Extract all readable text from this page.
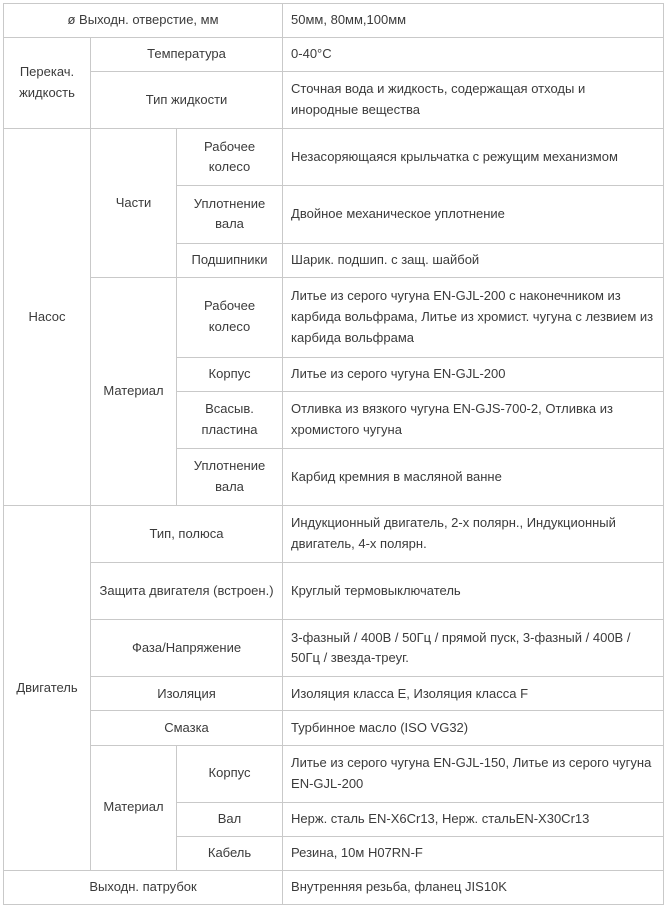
ø Выходн. отверстие, мм			50мм, 80мм,100мм
Перекач. жидкость	Температура		0-40°C
	Тип жидкости		Сточная вода и жидкость, содержащая отходы и инородные вещества
Насос	Части	Рабочее колесо	Незасоряющаяся крыльчатка с режущим механизмом
		Уплотнение вала	Двойное механическое уплотнение
		Подшипники	Шарик. подшип. с защ. шайбой
	Материал	Рабочее колесо	Литье из серого чугуна EN-GJL-200 с наконечником из карбида вольфрама, Литье из хромист. чугуна с лезвием из карбида вольфрама
		Корпус	Литье из серого чугуна EN-GJL-200
		Всасыв. пластина	Отливка из вязкого чугуна EN-GJS-700-2, Отливка из хромистого чугуна
		Уплотнение вала	Карбид кремния в масляной ванне
Двигатель	Тип, полюса		Индукционный двигатель, 2-х полярн., Индукционный двигатель, 4-х полярн.
	Защита двигателя (встроен.)		Круглый термовыключатель
	Фаза/Напряжение		3-фазный / 400В / 50Гц / прямой пуск, 3-фазный / 400В / 50Гц / звезда-треуг.
	Изоляция		Изоляция класса E, Изоляция класса F
	Смазка		Турбинное масло (ISO VG32)
	Материал	Корпус	Литье из серого чугуна EN-GJL-150, Литье из серого чугуна EN-GJL-200
		Вал	Нерж. сталь EN-X6Cr13, Нерж. стальEN-X30Cr13
		Кабель	Резина, 10м H07RN-F
Выходн. патрубок			Внутренняя резьба, фланец JIS10K
